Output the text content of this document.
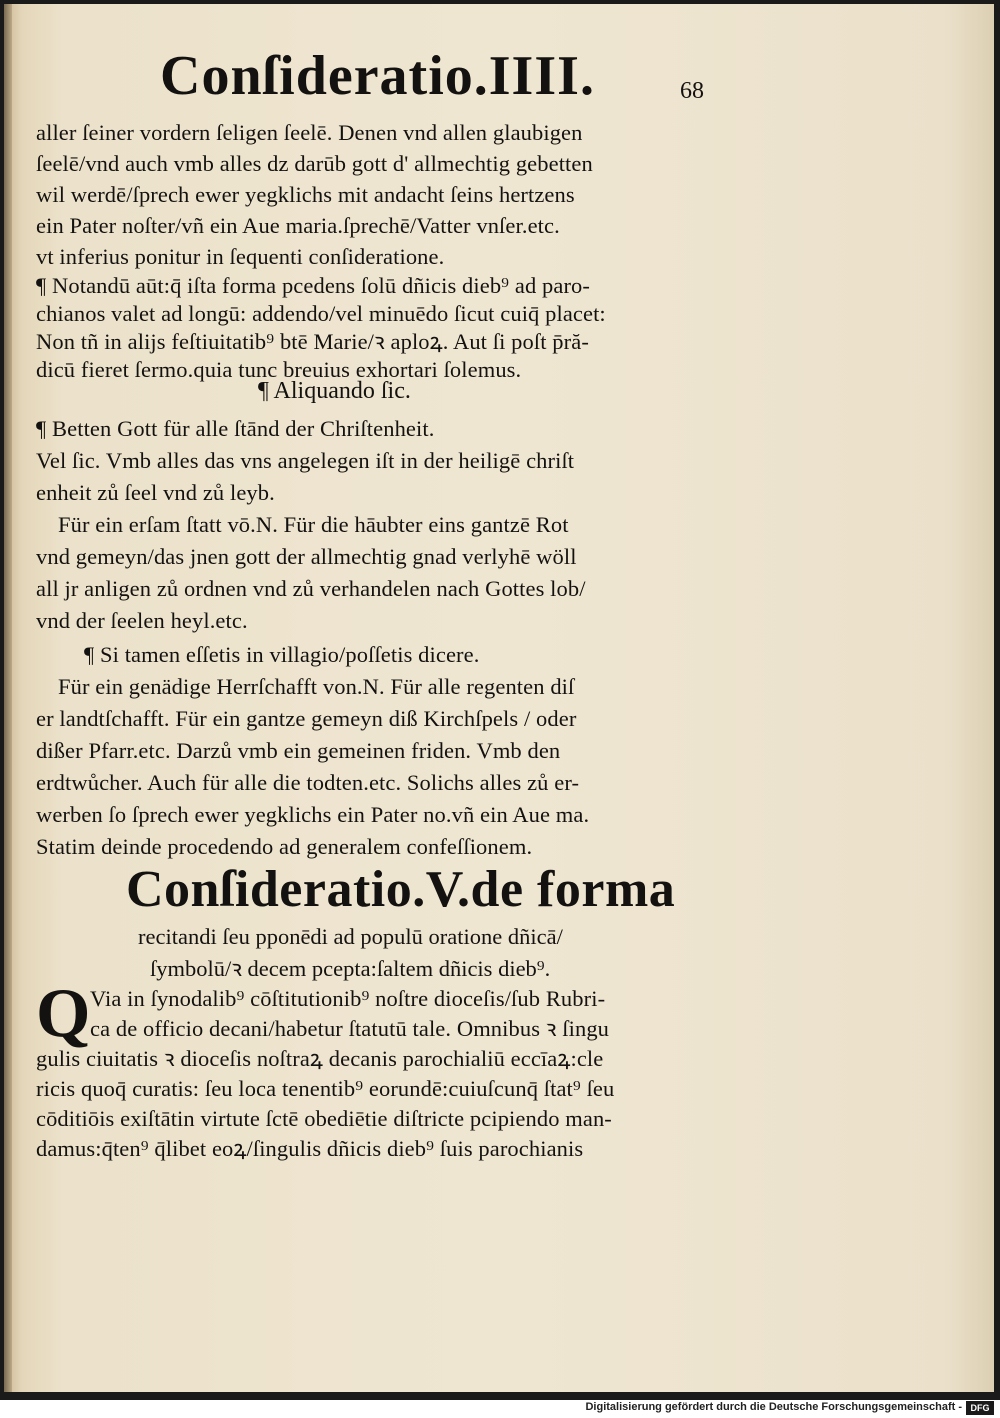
Conſideratio.IIII.	68
aller ſeiner vordern ſeligen ſeelē. Denen vnd allen glaubigen
ſeelē/vnd auch vmb alles dz darūb gott d' allmechtig gebetten
wil werdē/ſprech ewer yegklichs mit andacht ſeins hertzens
ein Pater noſter/vñ ein Aue maria.ſprechē/Vatter vnſer.etc.
vt inferius ponitur in ſequenti conſideratione.
¶ Notandū aūt:q̄ iſta forma pcedens ſolū dñicis dieb⁹ ad paro-
chianos valet ad longū: addendo/vel minuēdo ſicut cuiq̄ placet:
Non tñ in alijs feſtiuitatib⁹ btē Marie/ꝛ aploꝝ. Aut ſi poſt p̄ră-
dicū fieret ſermo.quia tunc breuius exhortari ſolemus.
¶ Aliquando ſic.
¶ Betten Gott für alle ſtānd der Chriſtenheit.
Vel ſic. Vmb alles das vns angelegen iſt in der heiligē chriſt
enheit zů ſeel vnd zů leyb.
Für ein erſam ſtatt vō.N. Für die hāubter eins gantzē Rot
vnd gemeyn/das jnen gott der allmechtig gnad verlyhē wöll
all jr anligen zů ordnen vnd zů verhandelen nach Gottes lob/
vnd der ſeelen heyl.etc.
¶ Si tamen eſſetis in villagio/poſſetis dicere.
Für ein genädige Herrſchafft von.N. Für alle regenten diſ
er landtſchafft. Für ein gantze gemeyn diß Kirchſpels / oder
dißer Pfarr.etc. Darzů vmb ein gemeinen friden. Vmb den
erdtwůcher. Auch für alle die todten.etc. Solichs alles zů er-
werben ſo ſprech ewer yegklichs ein Pater no.vñ ein Aue ma.
Statim deinde procedendo ad generalem confeſſionem.
Conſideratio.V.de forma
recitandi ſeu pponēdi ad populū oratione dñicā/
ſymbolū/ꝛ decem pcepta:ſaltem dñicis dieb⁹.
Q Via in ſynodalib⁹ cōſtitutionib⁹ noſtre dioceſis/ſub Rubri-
ca de officio decani/habetur ſtatutū tale. Omnibus ꝛ ſingu
gulis ciuitatis ꝛ dioceſis noſtraꝝ decanis parochialiū eccīaꝝ:cle
ricis quoq̄ curatis: ſeu loca tenentib⁹ eorundē:cuiuſcunq̄ ſtat⁹ ſeu
cōditiōis exiſtātin virtute ſctē obediētie diſtricte pcipiendo man-
damus:q̄ten⁹ q̄libet eoꝝ/ſingulis dñicis dieb⁹ ſuis parochianis
Digitalisierung gefördert durch die Deutsche Forschungsgemeinschaft - DFG
